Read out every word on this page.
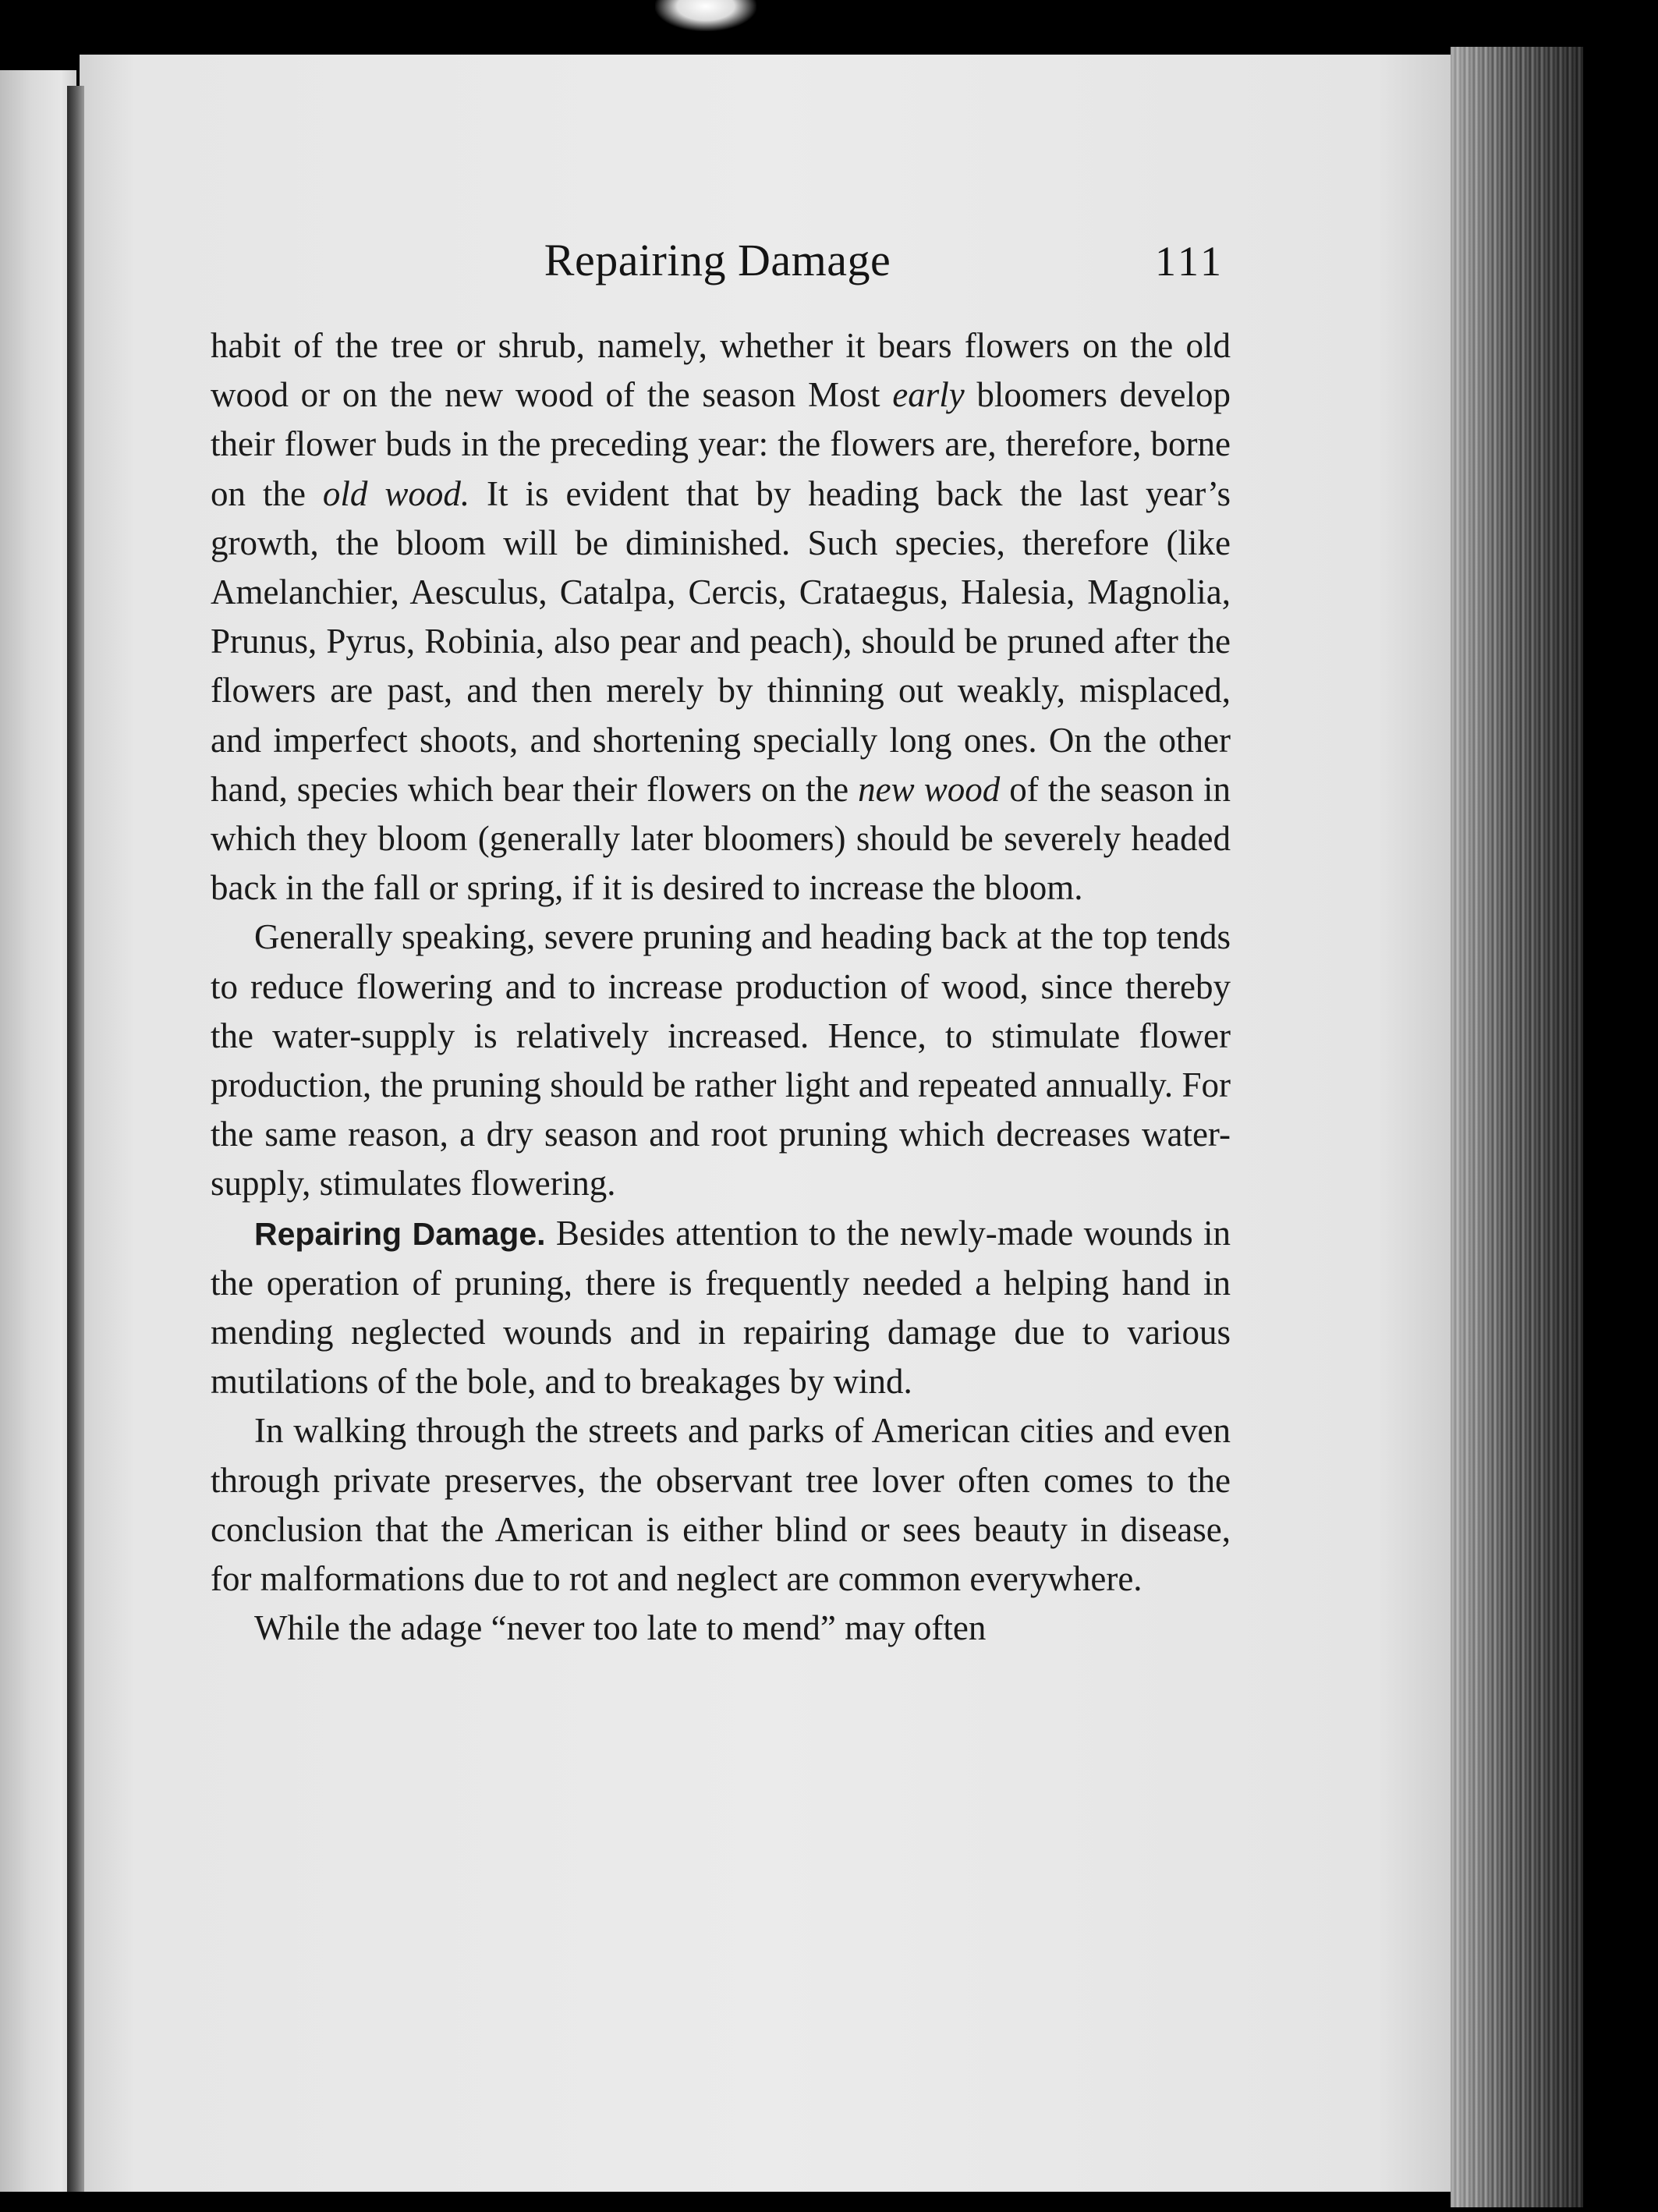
Repairing Damage	111

habit of the tree or shrub, namely, whether it bears flowers on the old wood or on the new wood of the season Most early bloomers develop their flower buds in the preceding year: the flowers are, therefore, borne on the old wood. It is evident that by heading back the last year’s growth, the bloom will be diminished. Such species, therefore (like Amelanchier, Aesculus, Catalpa, Cercis, Crataegus, Halesia, Magnolia, Prunus, Pyrus, Robinia, also pear and peach), should be pruned after the flowers are past, and then merely by thinning out weakly, misplaced, and imperfect shoots, and shortening specially long ones. On the other hand, species which bear their flowers on the new wood of the season in which they bloom (generally later bloomers) should be severely headed back in the fall or spring, if it is desired to increase the bloom.

Generally speaking, severe pruning and heading back at the top tends to reduce flowering and to increase production of wood, since thereby the water-supply is relatively increased. Hence, to stimulate flower production, the pruning should be rather light and repeated annually. For the same reason, a dry season and root pruning which decreases water-supply, stimulates flowering.

Repairing Damage. Besides attention to the newly-made wounds in the operation of pruning, there is frequently needed a helping hand in mending neglected wounds and in repairing damage due to various mutilations of the bole, and to breakages by wind.

In walking through the streets and parks of American cities and even through private preserves, the observant tree lover often comes to the conclusion that the American is either blind or sees beauty in disease, for malformations due to rot and neglect are common everywhere.

While the adage “never too late to mend” may often
